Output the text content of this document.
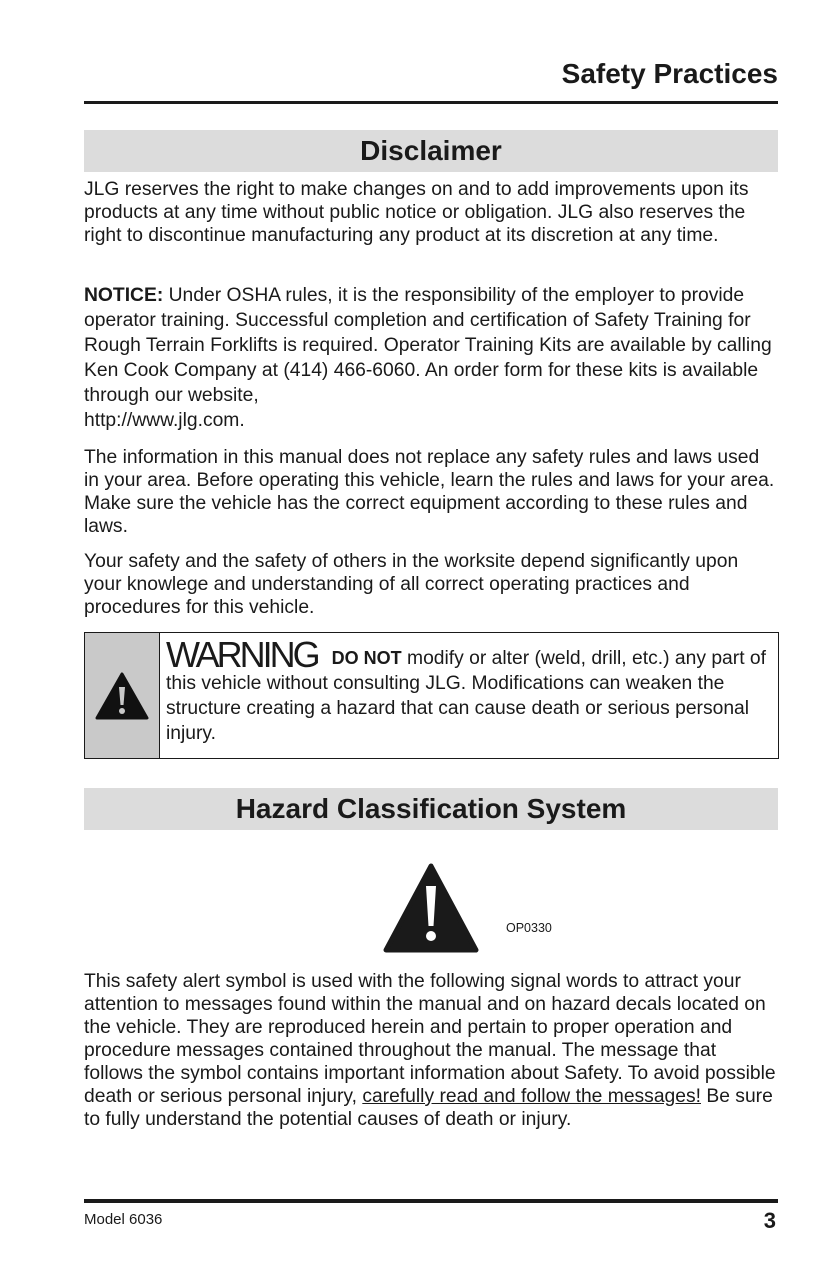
Safety Practices
Disclaimer

JLG reserves the right to make changes on and to add improvements upon its products at any time without public notice or obligation. JLG also reserves the right to discontinue manufacturing any product at its discretion at any time.

NOTICE: Under OSHA rules, it is the responsibility of the employer to provide operator training. Successful completion and certification of Safety Training for Rough Terrain Forklifts is required. Operator Training Kits are available by calling Ken Cook Company at (414) 466-6060. An order form for these kits is available through our website,
http://www.jlg.com.

The information in this manual does not replace any safety rules and laws used in your area. Before operating this vehicle, learn the rules and laws for your area. Make sure the vehicle has the correct equipment according to these rules and laws.

Your safety and the safety of others in the worksite depend significantly upon your knowlege and understanding of all correct operating practices and procedures for this vehicle.

WARNING DO NOT modify or alter (weld, drill, etc.) any part of this vehicle without consulting JLG. Modifications can weaken the structure creating a hazard that can cause death or serious personal injury.
Hazard Classification System
OP0330

This safety alert symbol is used with the following signal words to attract your attention to messages found within the manual and on hazard decals located on the vehicle. They are reproduced herein and pertain to proper operation and procedure messages contained throughout the manual. The message that follows the symbol contains important information about Safety. To avoid possible death or serious personal injury, carefully read and follow the messages! Be sure to fully understand the potential causes of death or injury.

Model 6036	3
